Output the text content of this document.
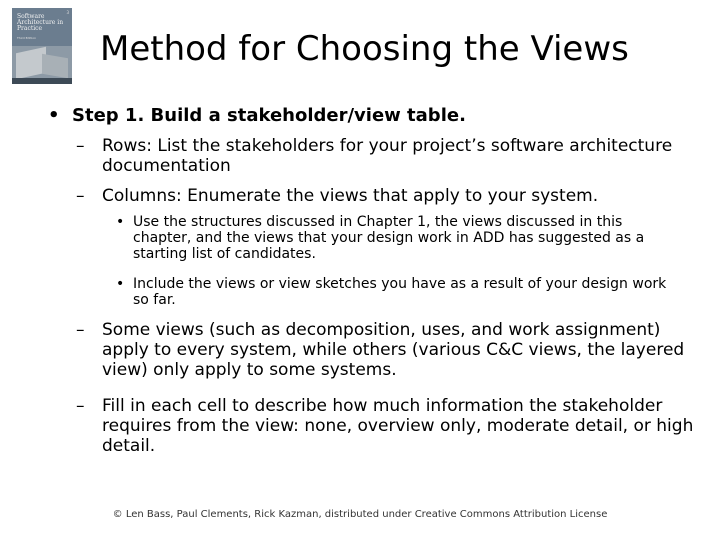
3
Software Architecture in Practice
Third Edition Method for Choosing the Views
• Step 1. Build a stakeholder/view table.
– Rows: List the stakeholders for your project’s software architecture documentation
– Columns: Enumerate the views that apply to your system.
• Use the structures discussed in Chapter 1, the views discussed in this chapter, and the views that your design work in ADD has suggested as a starting list of candidates.
• Include the views or view sketches you have as a result of your design work so far.
– Some views (such as decomposition, uses, and work assignment) apply to every system, while others (various C&C views, the layered view) only apply to some systems.
– Fill in each cell to describe how much information the stakeholder requires from the view: none, overview only, moderate detail, or high detail.
© Len Bass, Paul Clements, Rick Kazman, distributed under Creative Commons Attribution License
